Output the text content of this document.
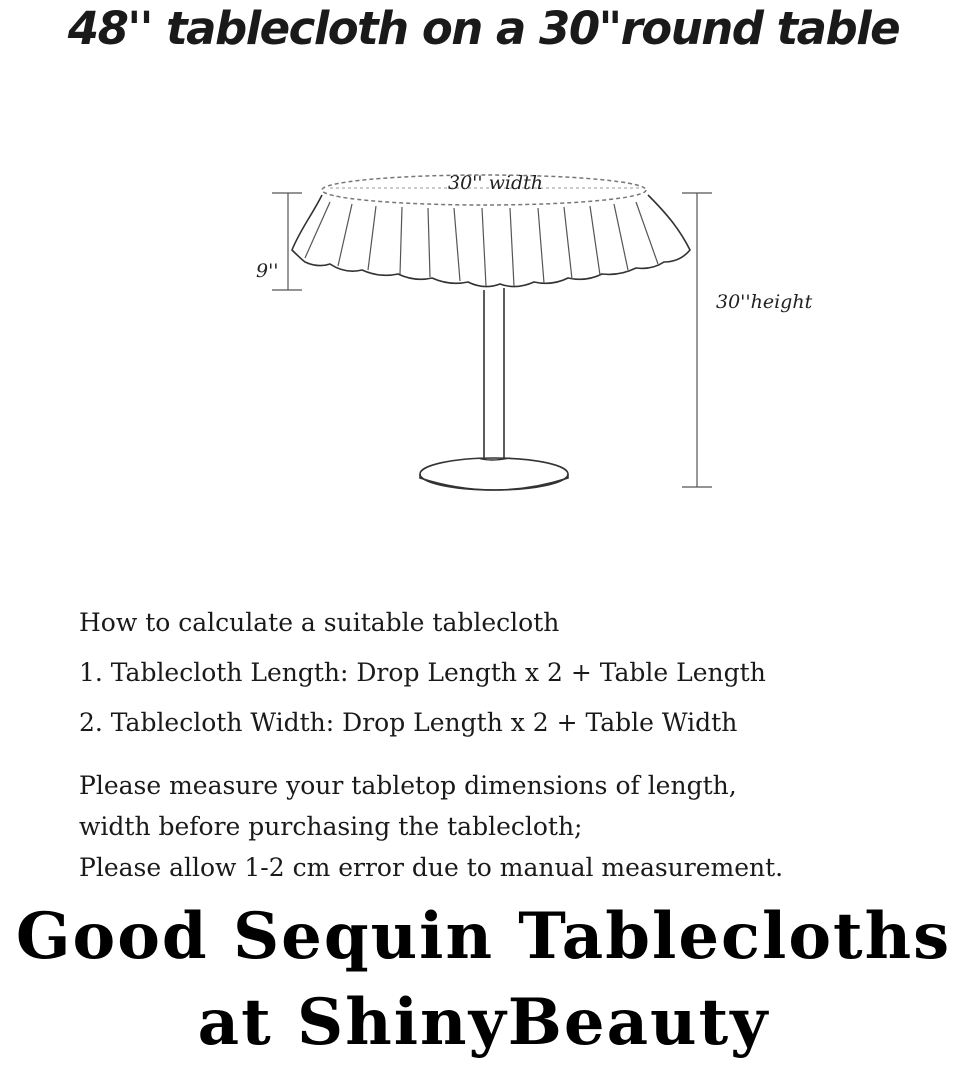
48'' tablecloth on a 30"round table
30'' width
9''
30''height
How to calculate a suitable tablecloth
1. Tablecloth Length: Drop Length x 2 + Table Length
2. Tablecloth Width: Drop Length x 2 + Table Width
Please measure your tabletop dimensions of length,
width before purchasing the tablecloth;
Please allow 1-2 cm error due to manual measurement.
Good Sequin Tablecloths
at ShinyBeauty
